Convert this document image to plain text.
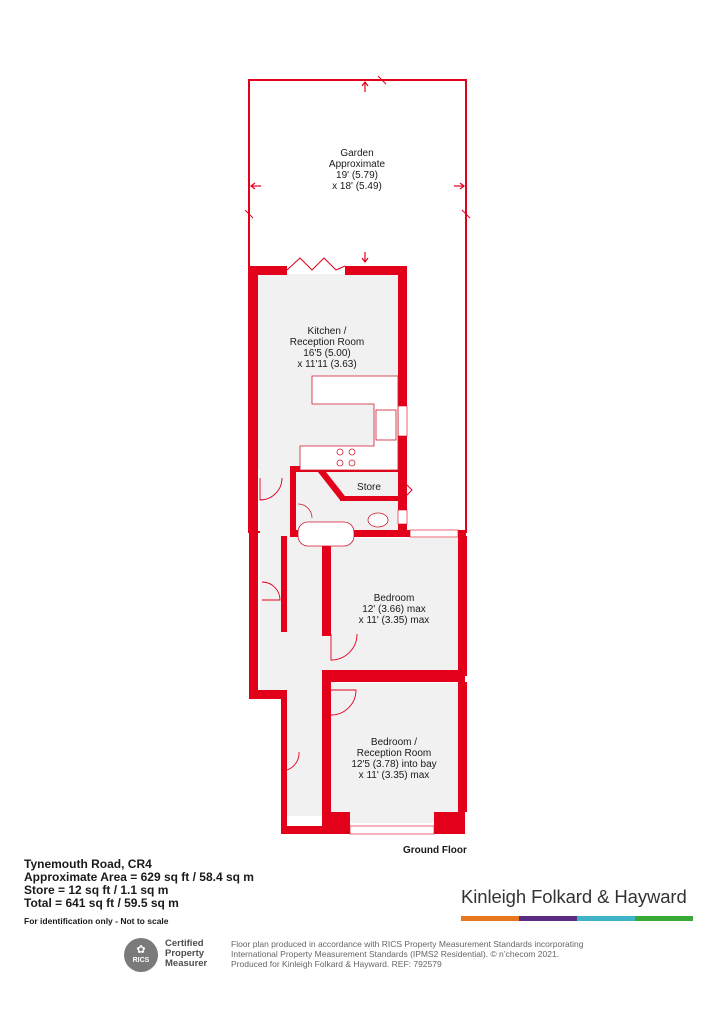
Garden
Approximate
19' (5.79)
x 18' (5.49)
Kitchen /
Reception Room
16'5 (5.00)
x 11'11 (3.63)
Store
Bedroom
12' (3.66) max
x 11' (3.35) max
Bedroom /
Reception Room
12'5 (3.78) into bay
x 11' (3.35) max
Ground Floor
Tynemouth Road, CR4
Approximate Area = 629 sq ft / 58.4 sq m
Store = 12 sq ft / 1.1 sq m
Total = 641 sq ft / 59.5 sq m
For identification only - Not to scale
Kinleigh Folkard & Hayward
✿
RICS
Certified
Property
Measurer
Floor plan produced in accordance with RICS Property Measurement Standards incorporating
International Property Measurement Standards (IPMS2 Residential). © n’checom 2021.
Produced for Kinleigh Folkard & Hayward. REF: 792579
